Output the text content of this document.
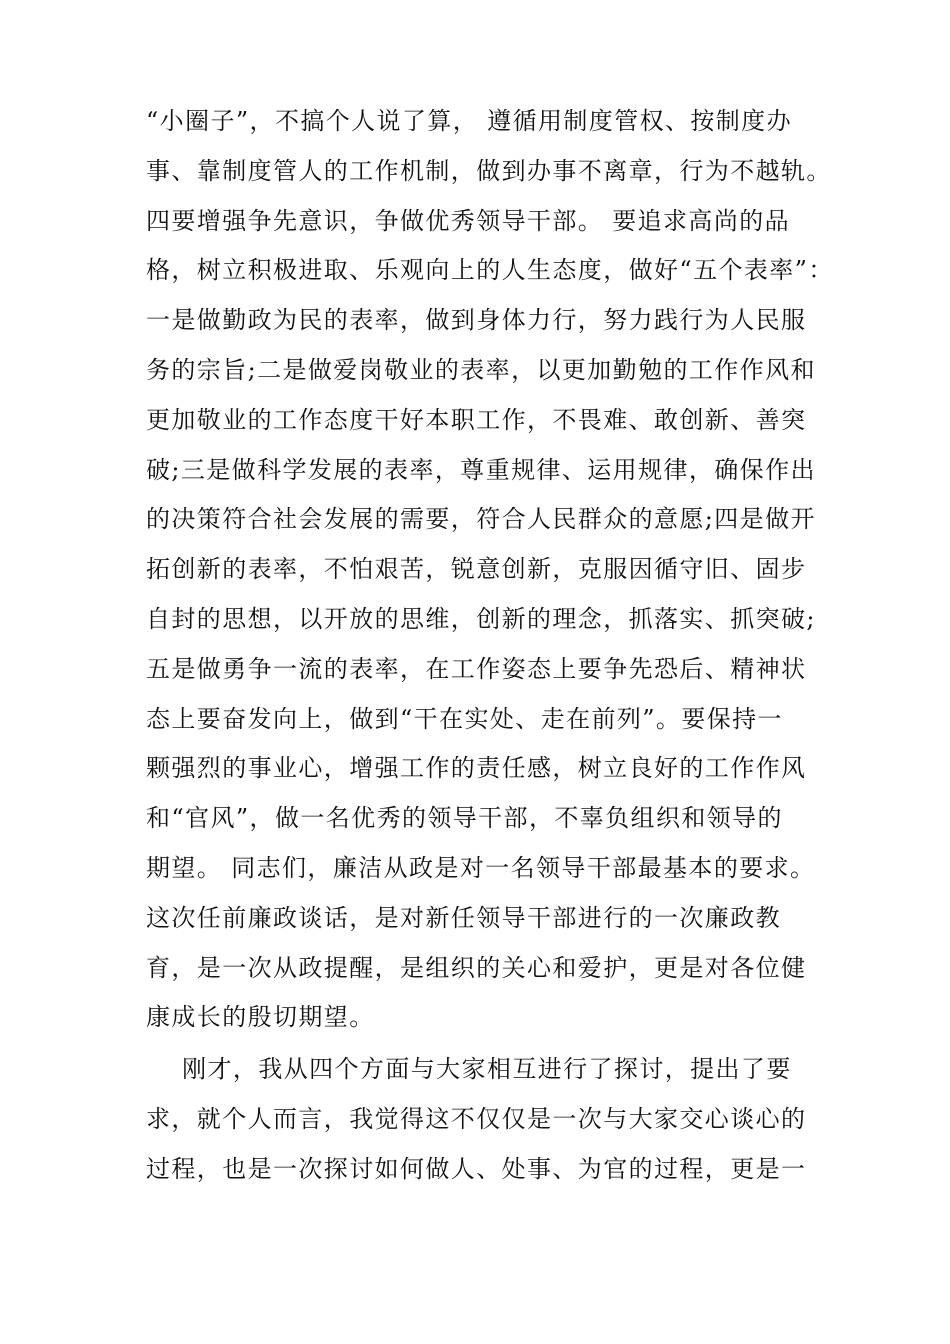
“小圈子”，不搞个人说了算， 遵循用制度管权、按制度办
事、靠制度管人的工作机制，做到办事不离章，行为不越轨。
四要增强争先意识，争做优秀领导干部。 要追求高尚的品
格，树立积极进取、乐观向上的人生态度，做好“五个表率”：
一是做勤政为民的表率，做到身体力行，努力践行为人民服
务的宗旨;二是做爱岗敬业的表率，以更加勤勉的工作作风和
更加敬业的工作态度干好本职工作，不畏难、敢创新、善突
破;三是做科学发展的表率，尊重规律、运用规律，确保作出
的决策符合社会发展的需要，符合人民群众的意愿;四是做开
拓创新的表率，不怕艰苦，锐意创新，克服因循守旧、固步
自封的思想，以开放的思维，创新的理念，抓落实、抓突破;
五是做勇争一流的表率，在工作姿态上要争先恐后、精神状
态上要奋发向上，做到“干在实处、走在前列”。要保持一
颗强烈的事业心，增强工作的责任感，树立良好的工作作风
和“官风”，做一名优秀的领导干部，不辜负组织和领导的
期望。 同志们，廉洁从政是对一名领导干部最基本的要求。
这次任前廉政谈话，是对新任领导干部进行的一次廉政教
育，是一次从政提醒，是组织的关心和爱护，更是对各位健
康成长的殷切期望。
刚才，我从四个方面与大家相互进行了探讨，提出了要
求，就个人而言，我觉得这不仅仅是一次与大家交心谈心的
过程，也是一次探讨如何做人、处事、为官的过程，更是一
